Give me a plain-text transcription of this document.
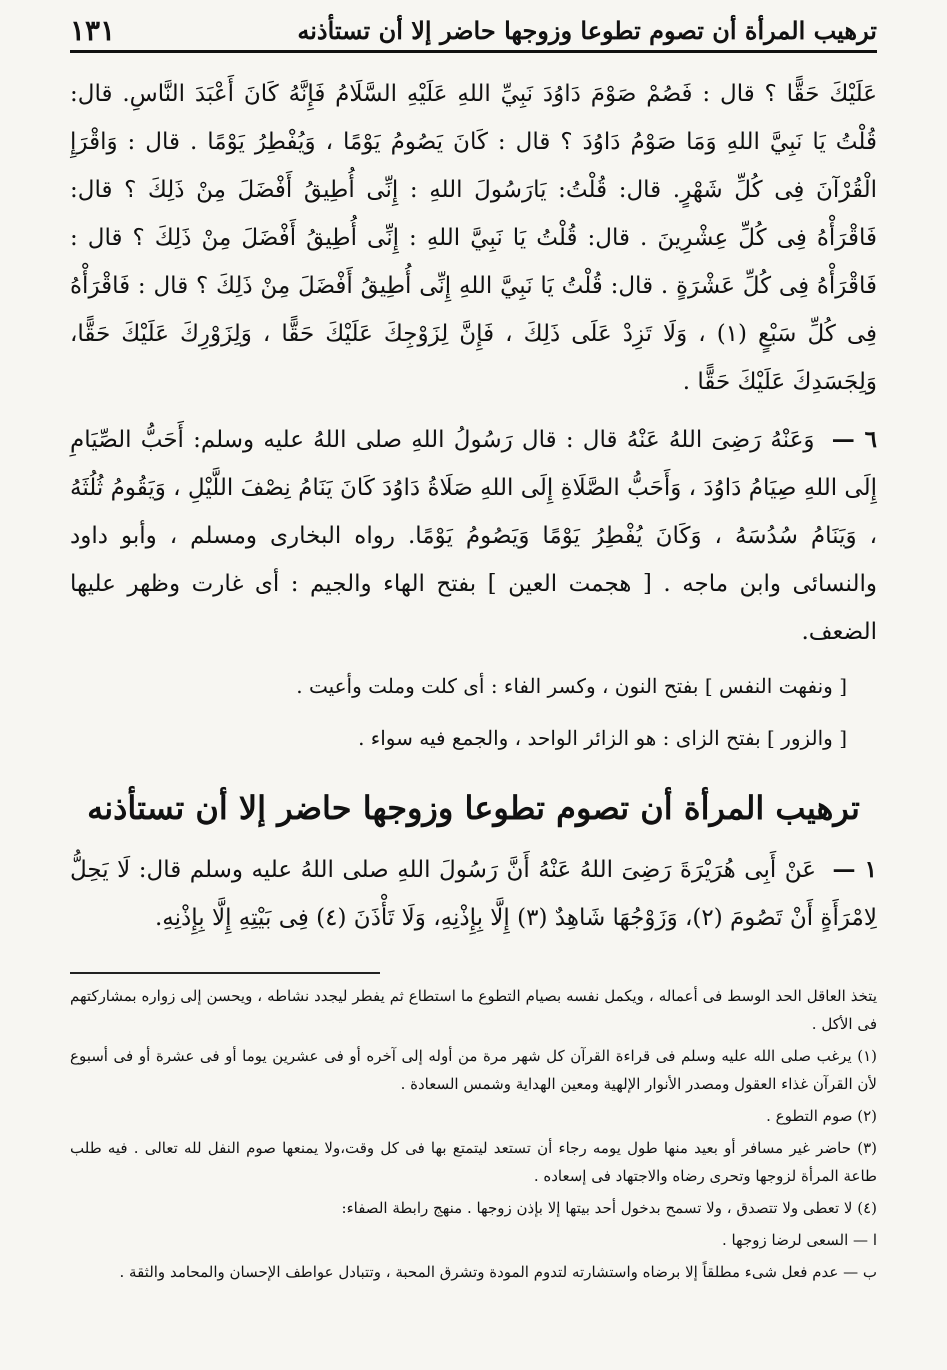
ترهيب المرأة أن تصوم تطوعا وزوجها حاضر إلا أن تستأذنه
١٣١

عَلَيْكَ حَقًّا ؟ قال : فَصُمْ صَوْمَ دَاوُدَ نَبِيِّ اللهِ عَلَيْهِ السَّلَامُ فَإِنَّهُ كَانَ أَعْبَدَ النَّاسِ. قال: قُلْتُ يَا نَبِيَّ اللهِ وَمَا صَوْمُ دَاوُدَ ؟ قال : كَانَ يَصُومُ يَوْمًا ، وَيُفْطِرُ يَوْمًا . قال : وَاقْرَإِ الْقُرْآنَ فِى كُلِّ شَهْرٍ. قال: قُلْتُ: يَارَسُولَ اللهِ : إِنِّى أُطِيقُ أَفْضَلَ مِنْ ذَلِكَ ؟ قال: فَاقْرَأْهُ فِى كُلِّ عِشْرِينَ . قال: قُلْتُ يَا نَبِيَّ اللهِ : إِنِّى أُطِيقُ أَفْضَلَ مِنْ ذَلِكَ ؟ قال : فَاقْرَأْهُ فِى كُلِّ عَشْرَةٍ . قال: قُلْتُ يَا نَبِيَّ اللهِ إِنِّى أُطِيقُ أَفْضَلَ مِنْ ذَلِكَ ؟ قال : فَاقْرَأْهُ فِى كُلِّ سَبْعٍ (١) ، وَلَا تَزِدْ عَلَى ذَلِكَ ، فَإِنَّ لِزَوْجِكَ عَلَيْكَ حَقًّا ، وَلِزَوْرِكَ عَلَيْكَ حَقًّا، وَلِجَسَدِكَ عَلَيْكَ حَقًّا .

٦ — وَعَنْهُ رَضِىَ اللهُ عَنْهُ قال : قال رَسُولُ اللهِ صلى اللهُ عليه وسلم: أَحَبُّ الصِّيَامِ إِلَى اللهِ صِيَامُ دَاوُدَ ، وَأَحَبُّ الصَّلَاةِ إِلَى اللهِ صَلَاةُ دَاوُدَ كَانَ يَنَامُ نِصْفَ اللَّيْلِ ، وَيَقُومُ ثُلُثَهُ ، وَيَنَامُ سُدُسَهُ ، وَكَانَ يُفْطِرُ يَوْمًا وَيَصُومُ يَوْمًا. رواه البخارى ومسلم ، وأبو داود والنسائى وابن ماجه . [ هجمت العين ] بفتح الهاء والجيم : أى غارت وظهر عليها الضعف.

[ ونفهت النفس ] بفتح النون ، وكسر الفاء : أى كلت وملت وأعيت .

[ والزور ] بفتح الزاى : هو الزائر الواحد ، والجمع فيه سواء .

ترهيب المرأة أن تصوم تطوعا وزوجها حاضر إلا أن تستأذنه

١ — عَنْ أَبِى هُرَيْرَةَ رَضِىَ اللهُ عَنْهُ أَنَّ رَسُولَ اللهِ صلى اللهُ عليه وسلم قال: لَا يَحِلُّ لِامْرَأَةٍ أَنْ تَصُومَ (٢)، وَزَوْجُهَا شَاهِدٌ (٣) إِلَّا بِإِذْنِهِ، وَلَا تَأْذَنَ (٤) فِى بَيْتِهِ إِلَّا بِإِذْنِهِ.

يتخذ العاقل الحد الوسط فى أعماله ، ويكمل نفسه بصيام التطوع ما استطاع ثم يفطر ليجدد نشاطه ، ويحسن إلى زواره بمشاركتهم فى الأكل .

(١) يرغب صلى الله عليه وسلم فى قراءة القرآن كل شهر مرة من أوله إلى آخره أو فى عشرين يوما أو فى عشرة أو فى أسبوع لأن القرآن غذاء العقول ومصدر الأنوار الإلهية ومعين الهداية وشمس السعادة .

(٢) صوم التطوع .

(٣) حاضر غير مسافر أو بعيد منها طول يومه رجاء أن تستعد ليتمتع بها فى كل وقت،ولا يمنعها صوم النفل لله تعالى . فيه طلب طاعة المرأة لزوجها وتحرى رضاه والاجتهاد فى إسعاده .

(٤) لا تعطى ولا تتصدق ، ولا تسمح بدخول أحد بيتها إلا بإذن زوجها . منهج رابطة الصفاء:

ا — السعى لرضا زوجها .

ب — عدم فعل شىء مطلقاً إلا برضاه واستشارته لتدوم المودة وتشرق المحبة ، وتتبادل عواطف الإحسان والمحامد والثقة .
